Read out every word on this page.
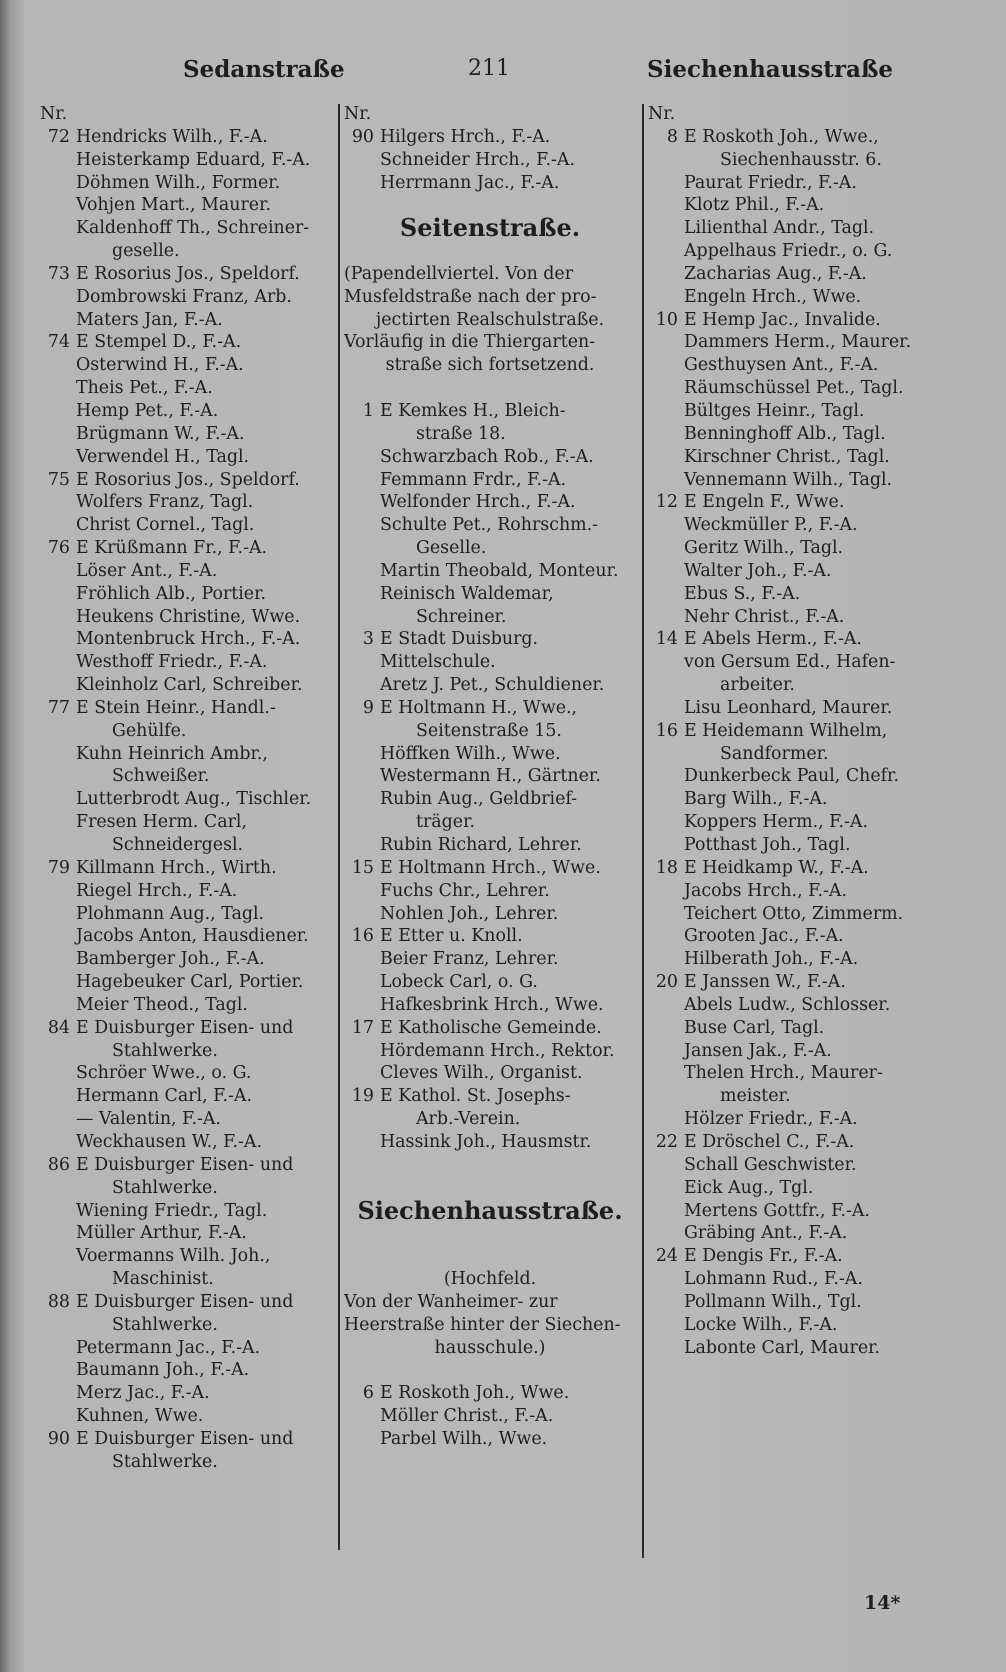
Sedanstraße	211	Siechenhausstraße
Nr.
72 Hendricks Wilh., F.-A.
Heisterkamp Eduard, F.-A.
Döhmen Wilh., Former.
Vohjen Mart., Maurer.
Kaldenhoff Th., Schreiner-
geselle.
73 E Rosorius Jos., Speldorf.
Dombrowski Franz, Arb.
Maters Jan, F.-A.
74 E Stempel D., F.-A.
Osterwind H., F.-A.
Theis Pet., F.-A.
Hemp Pet., F.-A.
Brügmann W., F.-A.
Verwendel H., Tagl.
75 E Rosorius Jos., Speldorf.
Wolfers Franz, Tagl.
Christ Cornel., Tagl.
76 E Krüßmann Fr., F.-A.
Löser Ant., F.-A.
Fröhlich Alb., Portier.
Heukens Christine, Wwe.
Montenbruck Hrch., F.-A.
Westhoff Friedr., F.-A.
Kleinholz Carl, Schreiber.
77 E Stein Heinr., Handl.-
Gehülfe.
Kuhn Heinrich Ambr.,
Schweißer.
Lutterbrodt Aug., Tischler.
Fresen Herm. Carl,
Schneidergesl.
79 Killmann Hrch., Wirth.
Riegel Hrch., F.-A.
Plohmann Aug., Tagl.
Jacobs Anton, Hausdiener.
Bamberger Joh., F.-A.
Hagebeuker Carl, Portier.
Meier Theod., Tagl.
84 E Duisburger Eisen- und
Stahlwerke.
Schröer Wwe., o. G.
Hermann Carl, F.-A.
— Valentin, F.-A.
Weckhausen W., F.-A.
86 E Duisburger Eisen- und
Stahlwerke.
Wiening Friedr., Tagl.
Müller Arthur, F.-A.
Voermanns Wilh. Joh.,
Maschinist.
88 E Duisburger Eisen- und
Stahlwerke.
Petermann Jac., F.-A.
Baumann Joh., F.-A.
Merz Jac., F.-A.
Kuhnen, Wwe.
90 E Duisburger Eisen- und
Stahlwerke.
Nr.
90 Hilgers Hrch., F.-A.
Schneider Hrch., F.-A.
Herrmann Jac., F.-A.
Seitenstraße.
(Papendellviertel. Von der
Musfeldstraße nach der pro-
jectirten Realschulstraße.
Vorläufig in die Thiergarten-
straße sich fortsetzend.
1 E Kemkes H., Bleich-
straße 18.
Schwarzbach Rob., F.-A.
Femmann Frdr., F.-A.
Welfonder Hrch., F.-A.
Schulte Pet., Rohrschm.-
Geselle.
Martin Theobald, Monteur.
Reinisch Waldemar,
Schreiner.
3 E Stadt Duisburg.
Mittelschule.
Aretz J. Pet., Schuldiener.
9 E Holtmann H., Wwe.,
Seitenstraße 15.
Höffken Wilh., Wwe.
Westermann H., Gärtner.
Rubin Aug., Geldbrief-
träger.
Rubin Richard, Lehrer.
15 E Holtmann Hrch., Wwe.
Fuchs Chr., Lehrer.
Nohlen Joh., Lehrer.
16 E Etter u. Knoll.
Beier Franz, Lehrer.
Lobeck Carl, o. G.
Hafkesbrink Hrch., Wwe.
17 E Katholische Gemeinde.
Hördemann Hrch., Rektor.
Cleves Wilh., Organist.
19 E Kathol. St. Josephs-
Arb.-Verein.
Hassink Joh., Hausmstr.
Siechenhausstraße.
(Hochfeld.
Von der Wanheimer- zur
Heerstraße hinter der Siechen-
hausschule.)
6 E Roskoth Joh., Wwe.
Möller Christ., F.-A.
Parbel Wilh., Wwe.
Nr.
8 E Roskoth Joh., Wwe.,
Siechenhausstr. 6.
Paurat Friedr., F.-A.
Klotz Phil., F.-A.
Lilienthal Andr., Tagl.
Appelhaus Friedr., o. G.
Zacharias Aug., F.-A.
Engeln Hrch., Wwe.
10 E Hemp Jac., Invalide.
Dammers Herm., Maurer.
Gesthuysen Ant., F.-A.
Räumschüssel Pet., Tagl.
Bültges Heinr., Tagl.
Benninghoff Alb., Tagl.
Kirschner Christ., Tagl.
Vennemann Wilh., Tagl.
12 E Engeln F., Wwe.
Weckmüller P., F.-A.
Geritz Wilh., Tagl.
Walter Joh., F.-A.
Ebus S., F.-A.
Nehr Christ., F.-A.
14 E Abels Herm., F.-A.
von Gersum Ed., Hafen-
arbeiter.
Lisu Leonhard, Maurer.
16 E Heidemann Wilhelm,
Sandformer.
Dunkerbeck Paul, Chefr.
Barg Wilh., F.-A.
Koppers Herm., F.-A.
Potthast Joh., Tagl.
18 E Heidkamp W., F.-A.
Jacobs Hrch., F.-A.
Teichert Otto, Zimmerm.
Grooten Jac., F.-A.
Hilberath Joh., F.-A.
20 E Janssen W., F.-A.
Abels Ludw., Schlosser.
Buse Carl, Tagl.
Jansen Jak., F.-A.
Thelen Hrch., Maurer-
meister.
Hölzer Friedr., F.-A.
22 E Dröschel C., F.-A.
Schall Geschwister.
Eick Aug., Tgl.
Mertens Gottfr., F.-A.
Gräbing Ant., F.-A.
24 E Dengis Fr., F.-A.
Lohmann Rud., F.-A.
Pollmann Wilh., Tgl.
Locke Wilh., F.-A.
Labonte Carl, Maurer.
14*
